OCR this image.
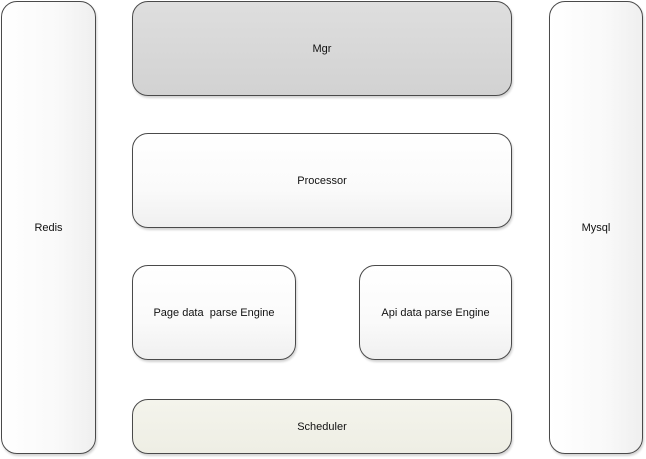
Redis
Mgr
Processor
Page data  parse Engine	Api data parse Engine
Scheduler
Mysql
